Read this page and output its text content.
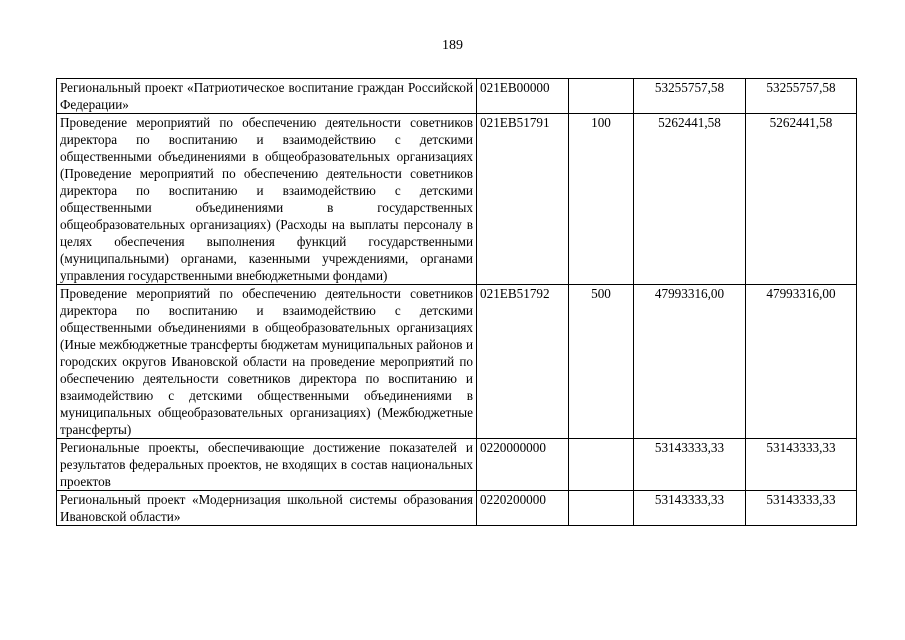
189
Региональный проект «Патриотическое воспитание граждан Российской Федерации»	021EВ00000		53255757,58	53255757,58
Проведение мероприятий по обеспечению деятельности советников директора по воспитанию и взаимодействию с детскими общественными объединениями в общеобразовательных организациях (Проведение мероприятий по обеспечению деятельности советников директора по воспитанию и взаимодействию с детскими общественными объединениями в государственных общеобразовательных организациях) (Расходы на выплаты персоналу в целях обеспечения выполнения функций государственными (муниципальными) органами, казенными учреждениями, органами управления государственными внебюджетными фондами)	021EВ51791	100	5262441,58	5262441,58
Проведение мероприятий по обеспечению деятельности советников директора по воспитанию и взаимодействию с детскими общественными объединениями в общеобразовательных организациях (Иные межбюджетные трансферты бюджетам муниципальных районов и городских округов Ивановской области на проведение мероприятий по обеспечению деятельности советников директора по воспитанию и взаимодействию с детскими общественными объединениями в муниципальных общеобразовательных организациях) (Межбюджетные трансферты)	021EВ51792	500	47993316,00	47993316,00
Региональные проекты, обеспечивающие достижение показателей и результатов федеральных проектов, не входящих в состав национальных проектов	0220000000		53143333,33	53143333,33
Региональный проект «Модернизация школьной системы образования Ивановской области»	0220200000		53143333,33	53143333,33
